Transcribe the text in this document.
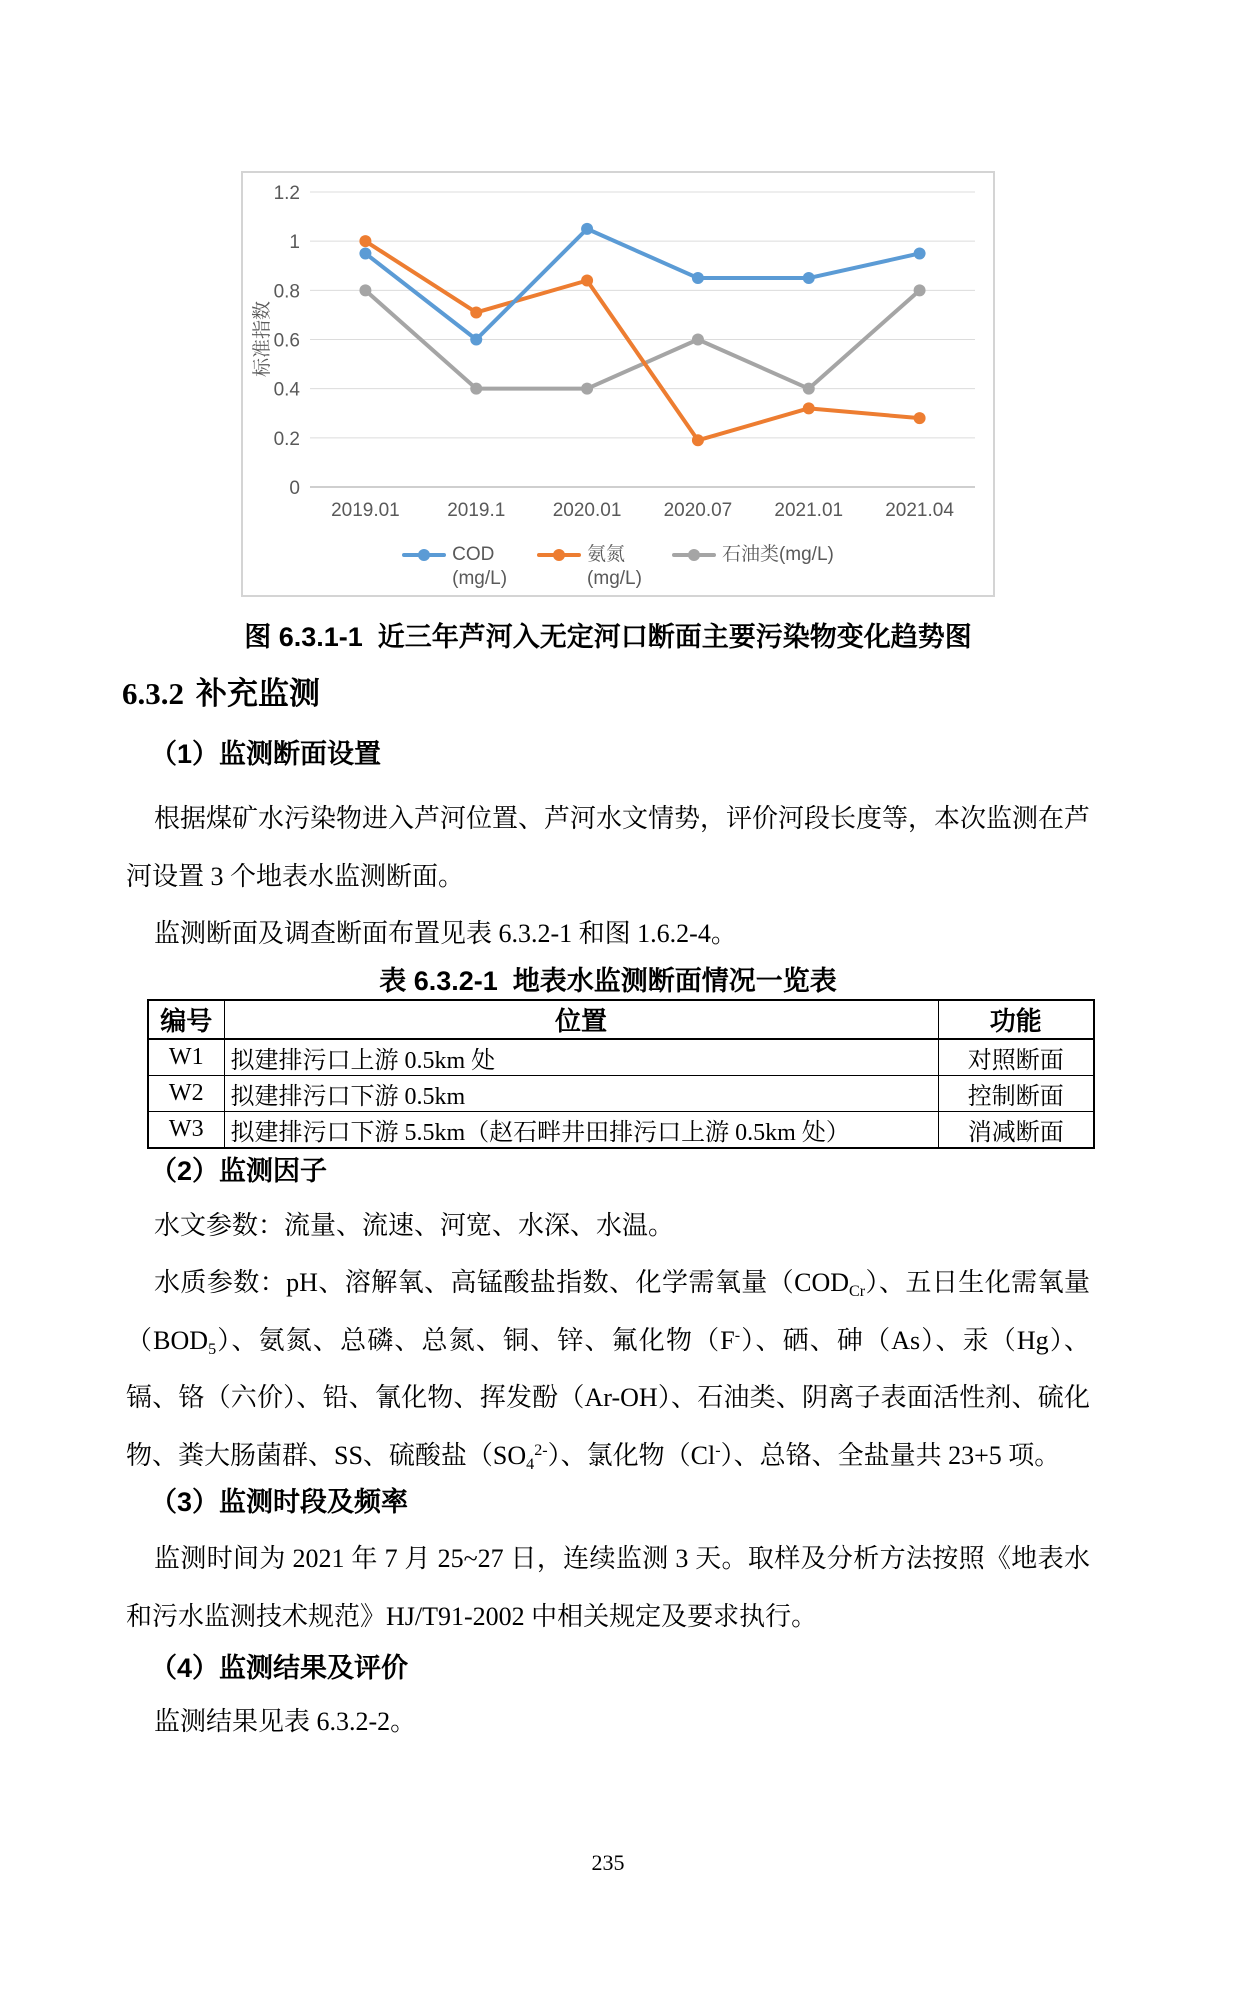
0
0.2
0.4
0.6
0.8
1
1.2
标准指数
2019.01 2019.1 2020.01 2020.07 2021.01 2021.04
COD
(mg/L)
氨氮
(mg/L)
石油类(mg/L)
图 6.3.1-1  近三年芦河入无定河口断面主要污染物变化趋势图
6.3.2 补充监测
（1）监测断面设置

根据煤矿水污染物进入芦河位置、芦河水文情势，评价河段长度等，本次监测在芦河设置 3 个地表水监测断面。

监测断面及调查断面布置见表 6.3.2-1 和图 1.6.2-4。

表 6.3.2-1  地表水监测断面情况一览表
编号	位置	功能
W1	拟建排污口上游 0.5km 处	对照断面
W2	拟建排污口下游 0.5km	控制断面
W3	拟建排污口下游 5.5km（赵石畔井田排污口上游 0.5km 处）	消减断面
（2）监测因子

水文参数：流量、流速、河宽、水深、水温。

水质参数：pH、溶解氧、高锰酸盐指数、化学需氧量$(COD_{Cr})$、五日生化需氧量$(BOD_5)$、氨氮、总磷、总氮、铜、锌、氟化物（F-）、硒、砷（As）、汞（Hg）、镉、铬（六价）、铅、氰化物、挥发酚（Ar-OH）、石油类、阴离子表面活性剂、硫化物、粪大肠菌群、SS、硫酸盐$(SO_4^{2-})$、氯化物（Cl-）、总铬、全盐量共 23+5 项。

（3）监测时段及频率

监测时间为 2021 年 7 月 25~27 日，连续监测 3 天。取样及分析方法按照《地表水和污水监测技术规范》HJ/T91-2002 中相关规定及要求执行。

（4）监测结果及评价

监测结果见表 6.3.2-2。

235
